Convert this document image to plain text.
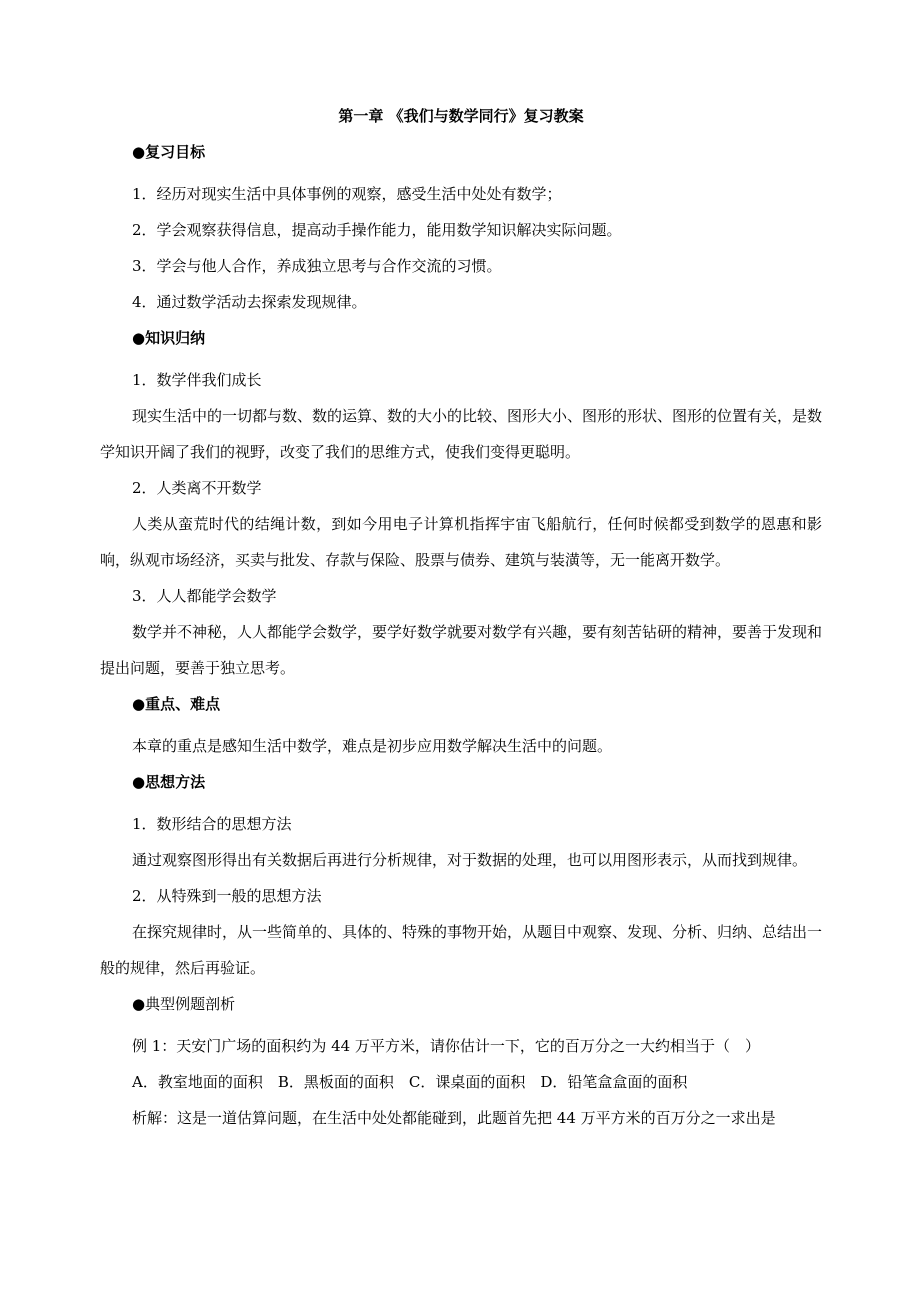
第一章 《我们与数学同行》复习教案
●复习目标
1．经历对现实生活中具体事例的观察，感受生活中处处有数学；
2．学会观察获得信息，提高动手操作能力，能用数学知识解决实际问题。
3．学会与他人合作，养成独立思考与合作交流的习惯。
4．通过数学活动去探索发现规律。
●知识归纳
1．数学伴我们成长
现实生活中的一切都与数、数的运算、数的大小的比较、图形大小、图形的形状、图形的位置有关，是数学知识开阔了我们的视野，改变了我们的思维方式，使我们变得更聪明。
2．人类离不开数学
人类从蛮荒时代的结绳计数，到如今用电子计算机指挥宇宙飞船航行，任何时候都受到数学的恩惠和影响，纵观市场经济，买卖与批发、存款与保险、股票与债券、建筑与装潢等，无一能离开数学。
3．人人都能学会数学
数学并不神秘，人人都能学会数学，要学好数学就要对数学有兴趣，要有刻苦钻研的精神，要善于发现和提出问题，要善于独立思考。
●重点、难点
本章的重点是感知生活中数学，难点是初步应用数学解决生活中的问题。
●思想方法
1．数形结合的思想方法
通过观察图形得出有关数据后再进行分析规律，对于数据的处理，也可以用图形表示，从而找到规律。
2．从特殊到一般的思想方法
在探究规律时，从一些简单的、具体的、特殊的事物开始，从题目中观察、发现、分析、归纳、总结出一般的规律，然后再验证。
●典型例题剖析
例 1：天安门广场的面积约为 44 万平方米，请你估计一下，它的百万分之一大约相当于（　）
A．教室地面的面积　B．黑板面的面积　C．课桌面的面积　D．铅笔盒盒面的面积
析解：这是一道估算问题，在生活中处处都能碰到，此题首先把 44 万平方米的百万分之一求出是
